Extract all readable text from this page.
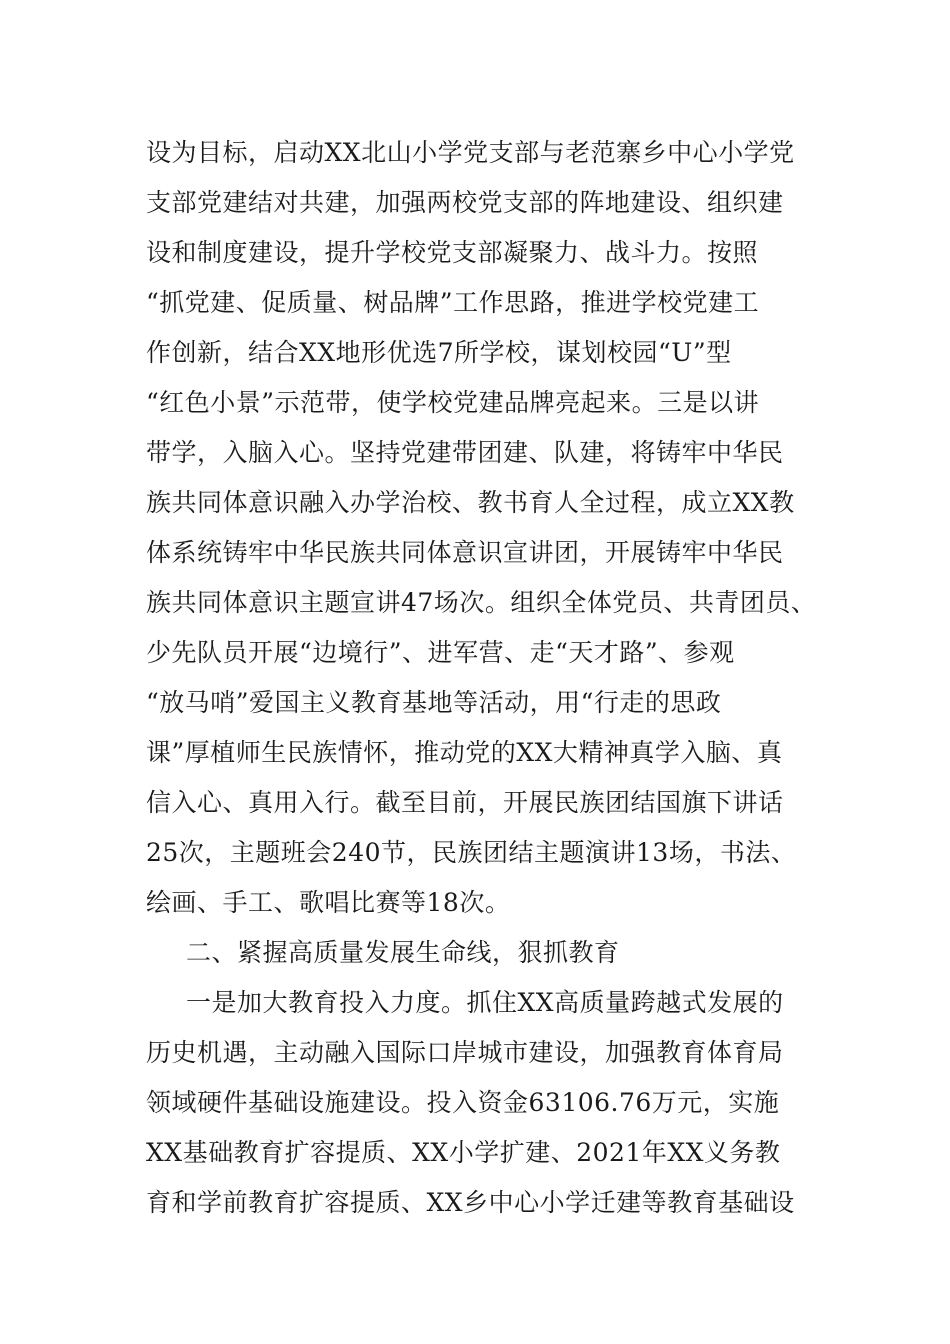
设为目标，启动XX北山小学党支部与老范寨乡中心小学党
支部党建结对共建，加强两校党支部的阵地建设、组织建
设和制度建设，提升学校党支部凝聚力、战斗力。按照
“抓党建、促质量、树品牌”工作思路，推进学校党建工
作创新，结合XX地形优选7所学校，谋划校园“U”型
“红色小景”示范带，使学校党建品牌亮起来。三是以讲
带学，入脑入心。坚持党建带团建、队建，将铸牢中华民
族共同体意识融入办学治校、教书育人全过程，成立XX教
体系统铸牢中华民族共同体意识宣讲团，开展铸牢中华民
族共同体意识主题宣讲47场次。组织全体党员、共青团员、
少先队员开展“边境行”、进军营、走“天才路”、参观
“放马哨”爱国主义教育基地等活动，用“行走的思政
课”厚植师生民族情怀，推动党的XX大精神真学入脑、真
信入心、真用入行。截至目前，开展民族团结国旗下讲话
25次，主题班会240节，民族团结主题演讲13场，书法、
绘画、手工、歌唱比赛等18次。
二、紧握高质量发展生命线，狠抓教育
一是加大教育投入力度。抓住XX高质量跨越式发展的
历史机遇，主动融入国际口岸城市建设，加强教育体育局
领域硬件基础设施建设。投入资金63106.76万元，实施
XX基础教育扩容提质、XX小学扩建、2021年XX义务教
育和学前教育扩容提质、XX乡中心小学迁建等教育基础设
